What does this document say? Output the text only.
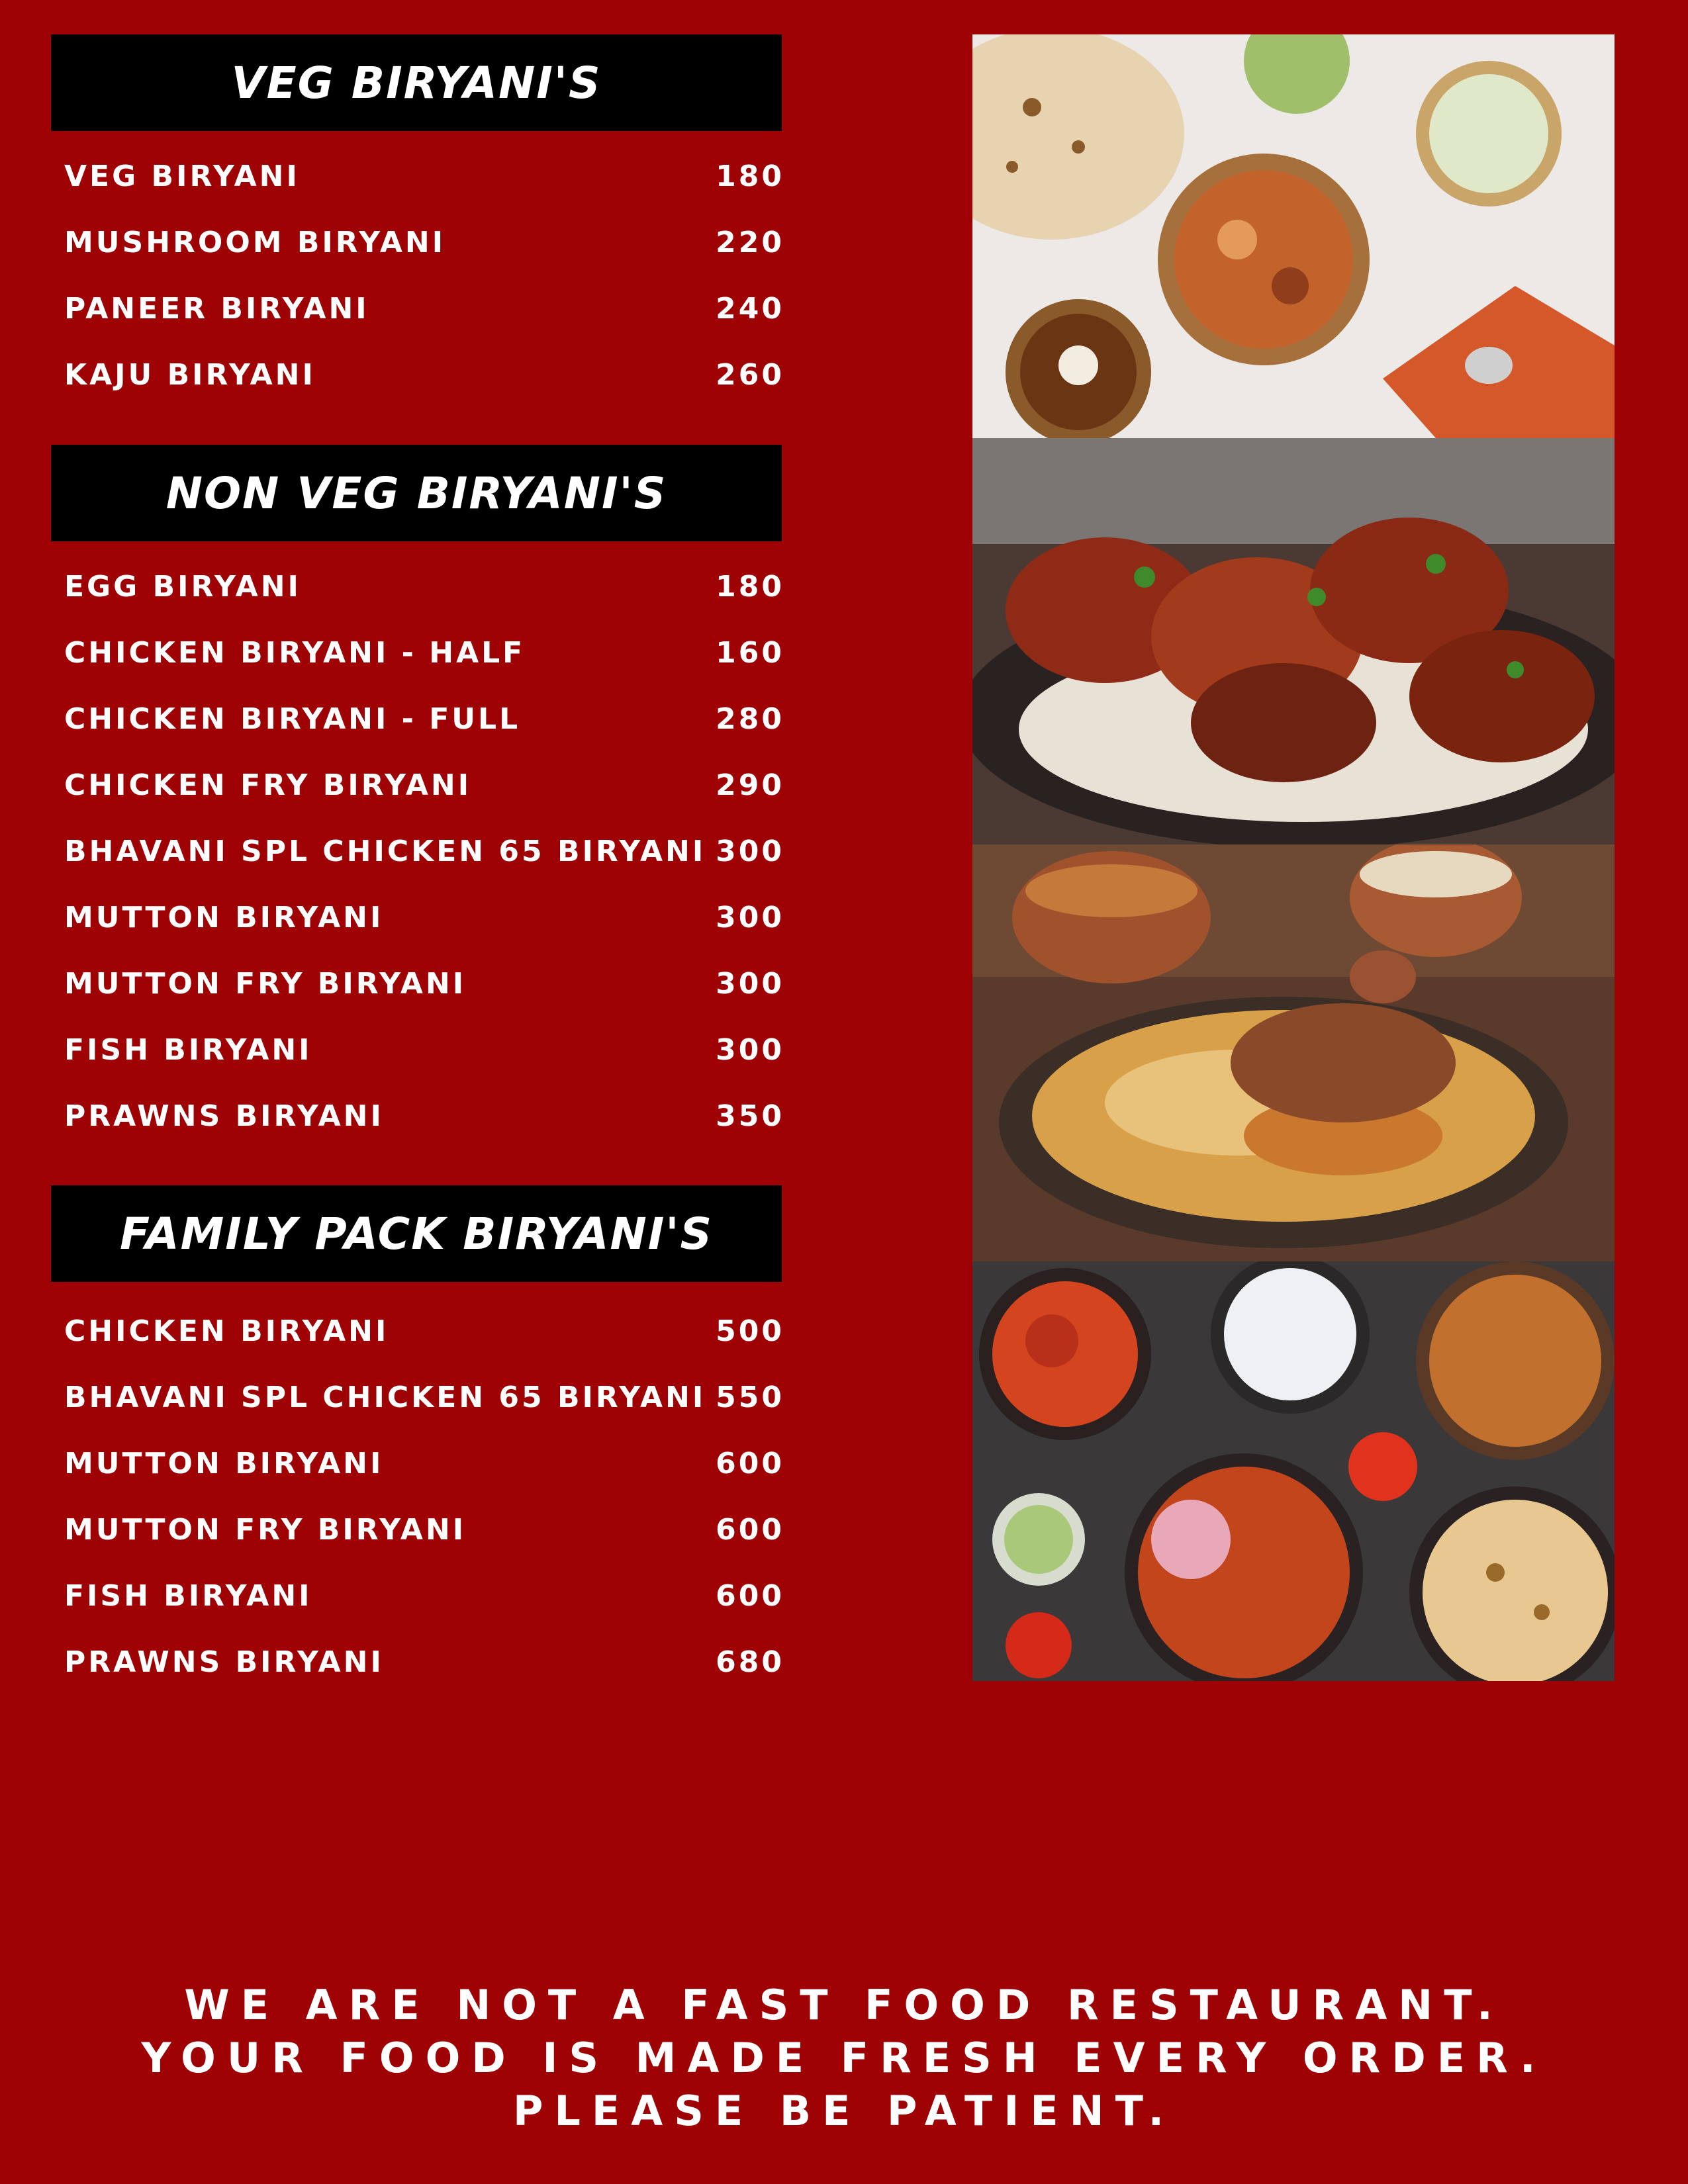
VEG BIRYANI'S
VEG BIRYANI	180
MUSHROOM BIRYANI	220
PANEER BIRYANI	240
KAJU BIRYANI	260
NON VEG BIRYANI'S
EGG BIRYANI	180
CHICKEN BIRYANI - HALF	160
CHICKEN BIRYANI - FULL	280
CHICKEN FRY BIRYANI	290
BHAVANI SPL CHICKEN 65 BIRYANI 300
MUTTON BIRYANI	300
MUTTON FRY BIRYANI	300
FISH BIRYANI	300
PRAWNS BIRYANI	350
FAMILY PACK BIRYANI'S
CHICKEN BIRYANI	500
BHAVANI SPL CHICKEN 65 BIRYANI 550
MUTTON BIRYANI	600
MUTTON FRY BIRYANI	600
FISH BIRYANI	600
PRAWNS BIRYANI	680
WE ARE NOT A FAST FOOD RESTAURANT.
YOUR FOOD IS MADE FRESH EVERY ORDER.
PLEASE BE PATIENT.
